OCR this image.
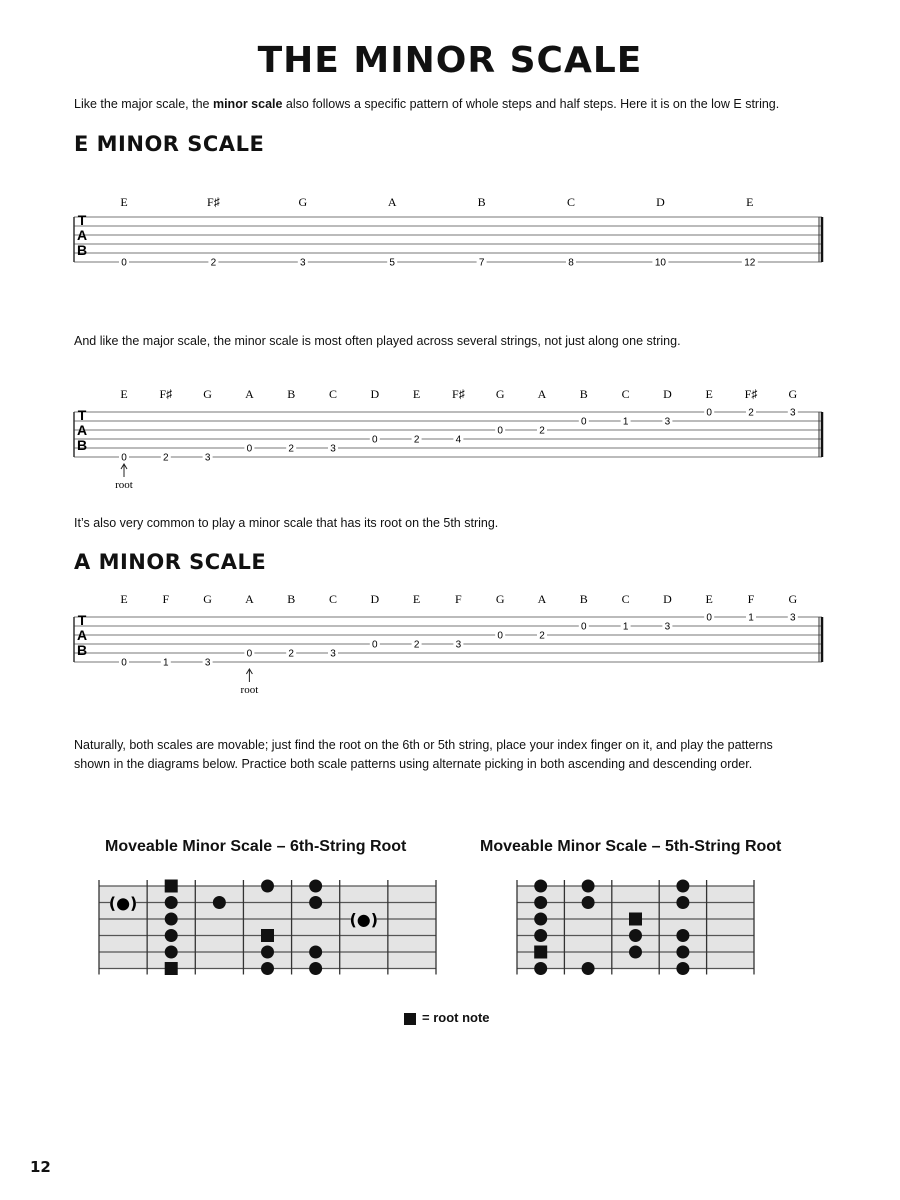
THE MINOR SCALE
Like the major scale, the minor scale also follows a specific pattern of whole steps and half steps. Here it is on the low E string.
E MINOR SCALE
T
A
B
E
0
F♯
2
G
3
A
5
B
7
C
8
D
10
E
12
And like the major scale, the minor scale is most often played across several strings, not just along one string.
T
A
B
E
0
F♯
2
G
3
A
0
B
2
C
3
D
0
E
2
F♯
4
G
0
A
2
B
0
C
1
D
3
E
0
F♯
2
G
3
root
It’s also very common to play a minor scale that has its root on the 5th string.
A MINOR SCALE
T
A
B
E
0
F
1
G
3
A
0
B
2
C
3
D
0
E
2
F
3
G
0
A
2
B
0
C
1
D
3
E
0
F
1
G
3
root
Naturally, both scales are movable; just find the root on the 6th or 5th string, place your index finger on it, and play the patterns
shown in the diagrams below. Practice both scale patterns using alternate picking in both ascending and descending order.
Moveable Minor Scale – 6th-String Root	Moveable Minor Scale – 5th-String Root
(●)
(●)
= root note
12
